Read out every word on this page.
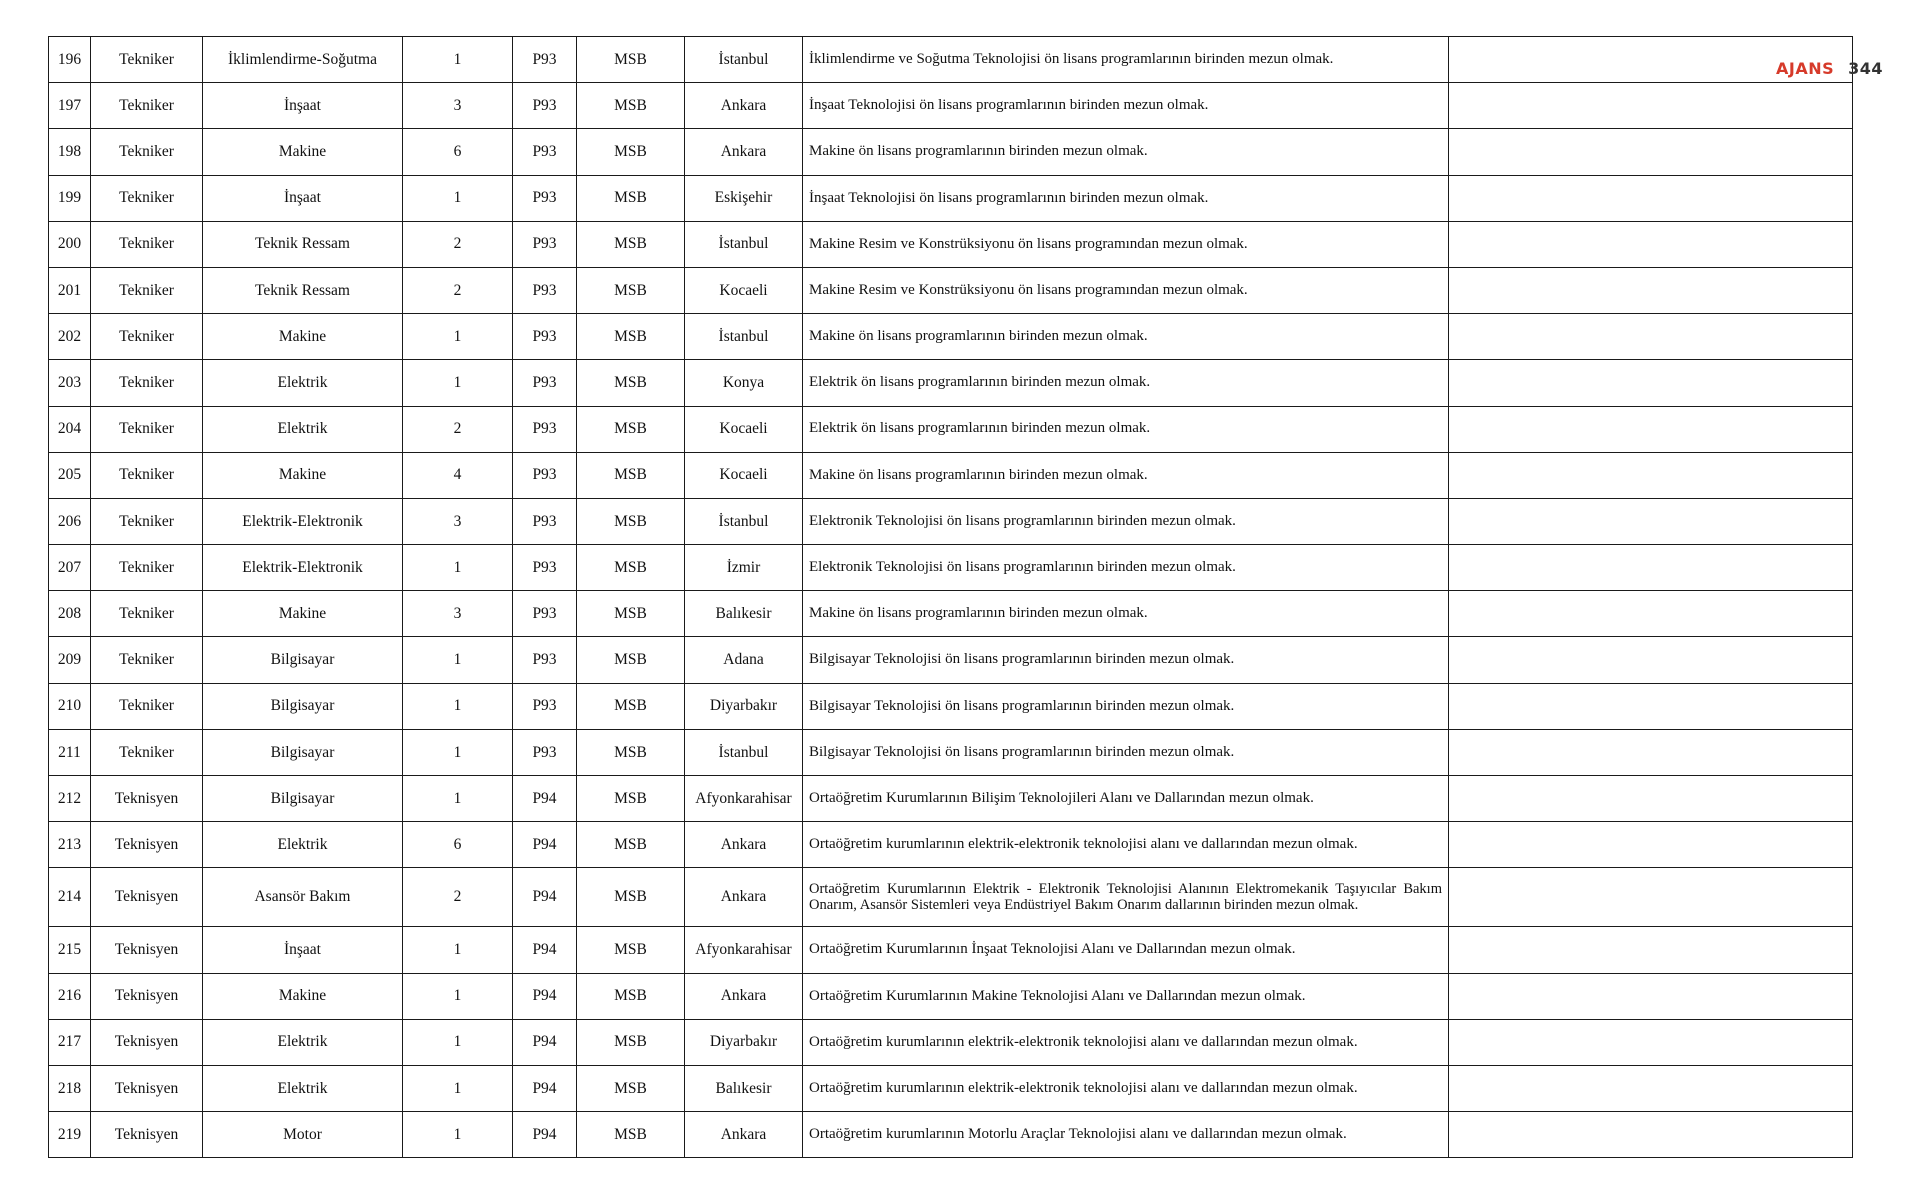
196	Tekniker	İklimlendirme-Soğutma	1	P93	MSB	İstanbul	İklimlendirme ve Soğutma Teknolojisi ön lisans programlarının birinden mezun olmak.	
197	Tekniker	İnşaat	3	P93	MSB	Ankara	İnşaat Teknolojisi ön lisans programlarının birinden mezun olmak.	
198	Tekniker	Makine	6	P93	MSB	Ankara	Makine ön lisans programlarının birinden mezun olmak.	
199	Tekniker	İnşaat	1	P93	MSB	Eskişehir	İnşaat Teknolojisi ön lisans programlarının birinden mezun olmak.	
200	Tekniker	Teknik Ressam	2	P93	MSB	İstanbul	Makine Resim ve Konstrüksiyonu ön lisans programından mezun olmak.	
201	Tekniker	Teknik Ressam	2	P93	MSB	Kocaeli	Makine Resim ve Konstrüksiyonu ön lisans programından mezun olmak.	
202	Tekniker	Makine	1	P93	MSB	İstanbul	Makine ön lisans programlarının birinden mezun olmak.	
203	Tekniker	Elektrik	1	P93	MSB	Konya	Elektrik ön lisans programlarının birinden mezun olmak.	
204	Tekniker	Elektrik	2	P93	MSB	Kocaeli	Elektrik ön lisans programlarının birinden mezun olmak.	
205	Tekniker	Makine	4	P93	MSB	Kocaeli	Makine ön lisans programlarının birinden mezun olmak.	
206	Tekniker	Elektrik-Elektronik	3	P93	MSB	İstanbul	Elektronik Teknolojisi ön lisans programlarının birinden mezun olmak.	
207	Tekniker	Elektrik-Elektronik	1	P93	MSB	İzmir	Elektronik Teknolojisi ön lisans programlarının birinden mezun olmak.	
208	Tekniker	Makine	3	P93	MSB	Balıkesir	Makine ön lisans programlarının birinden mezun olmak.	
209	Tekniker	Bilgisayar	1	P93	MSB	Adana	Bilgisayar Teknolojisi ön lisans programlarının birinden mezun olmak.	
210	Tekniker	Bilgisayar	1	P93	MSB	Diyarbakır	Bilgisayar Teknolojisi ön lisans programlarının birinden mezun olmak.	
211	Tekniker	Bilgisayar	1	P93	MSB	İstanbul	Bilgisayar Teknolojisi ön lisans programlarının birinden mezun olmak.	
212	Teknisyen	Bilgisayar	1	P94	MSB	Afyonkarahisar	Ortaöğretim Kurumlarının Bilişim Teknolojileri Alanı ve Dallarından mezun olmak.	
213	Teknisyen	Elektrik	6	P94	MSB	Ankara	Ortaöğretim kurumlarının elektrik-elektronik teknolojisi alanı ve dallarından mezun olmak.	
214	Teknisyen	Asansör Bakım	2	P94	MSB	Ankara	Ortaöğretim Kurumlarının Elektrik - Elektronik Teknolojisi Alanının Elektromekanik Taşıyıcılar Bakım Onarım, Asansör Sistemleri veya Endüstriyel Bakım Onarım dallarının birinden mezun olmak.	
215	Teknisyen	İnşaat	1	P94	MSB	Afyonkarahisar	Ortaöğretim Kurumlarının İnşaat Teknolojisi Alanı ve Dallarından mezun olmak.	
216	Teknisyen	Makine	1	P94	MSB	Ankara	Ortaöğretim Kurumlarının Makine Teknolojisi Alanı ve Dallarından mezun olmak.	
217	Teknisyen	Elektrik	1	P94	MSB	Diyarbakır	Ortaöğretim kurumlarının elektrik-elektronik teknolojisi alanı ve dallarından mezun olmak.	
218	Teknisyen	Elektrik	1	P94	MSB	Balıkesir	Ortaöğretim kurumlarının elektrik-elektronik teknolojisi alanı ve dallarından mezun olmak.	
219	Teknisyen	Motor	1	P94	MSB	Ankara	Ortaöğretim kurumlarının Motorlu Araçlar Teknolojisi alanı ve dallarından mezun olmak.	
AJANS 344
